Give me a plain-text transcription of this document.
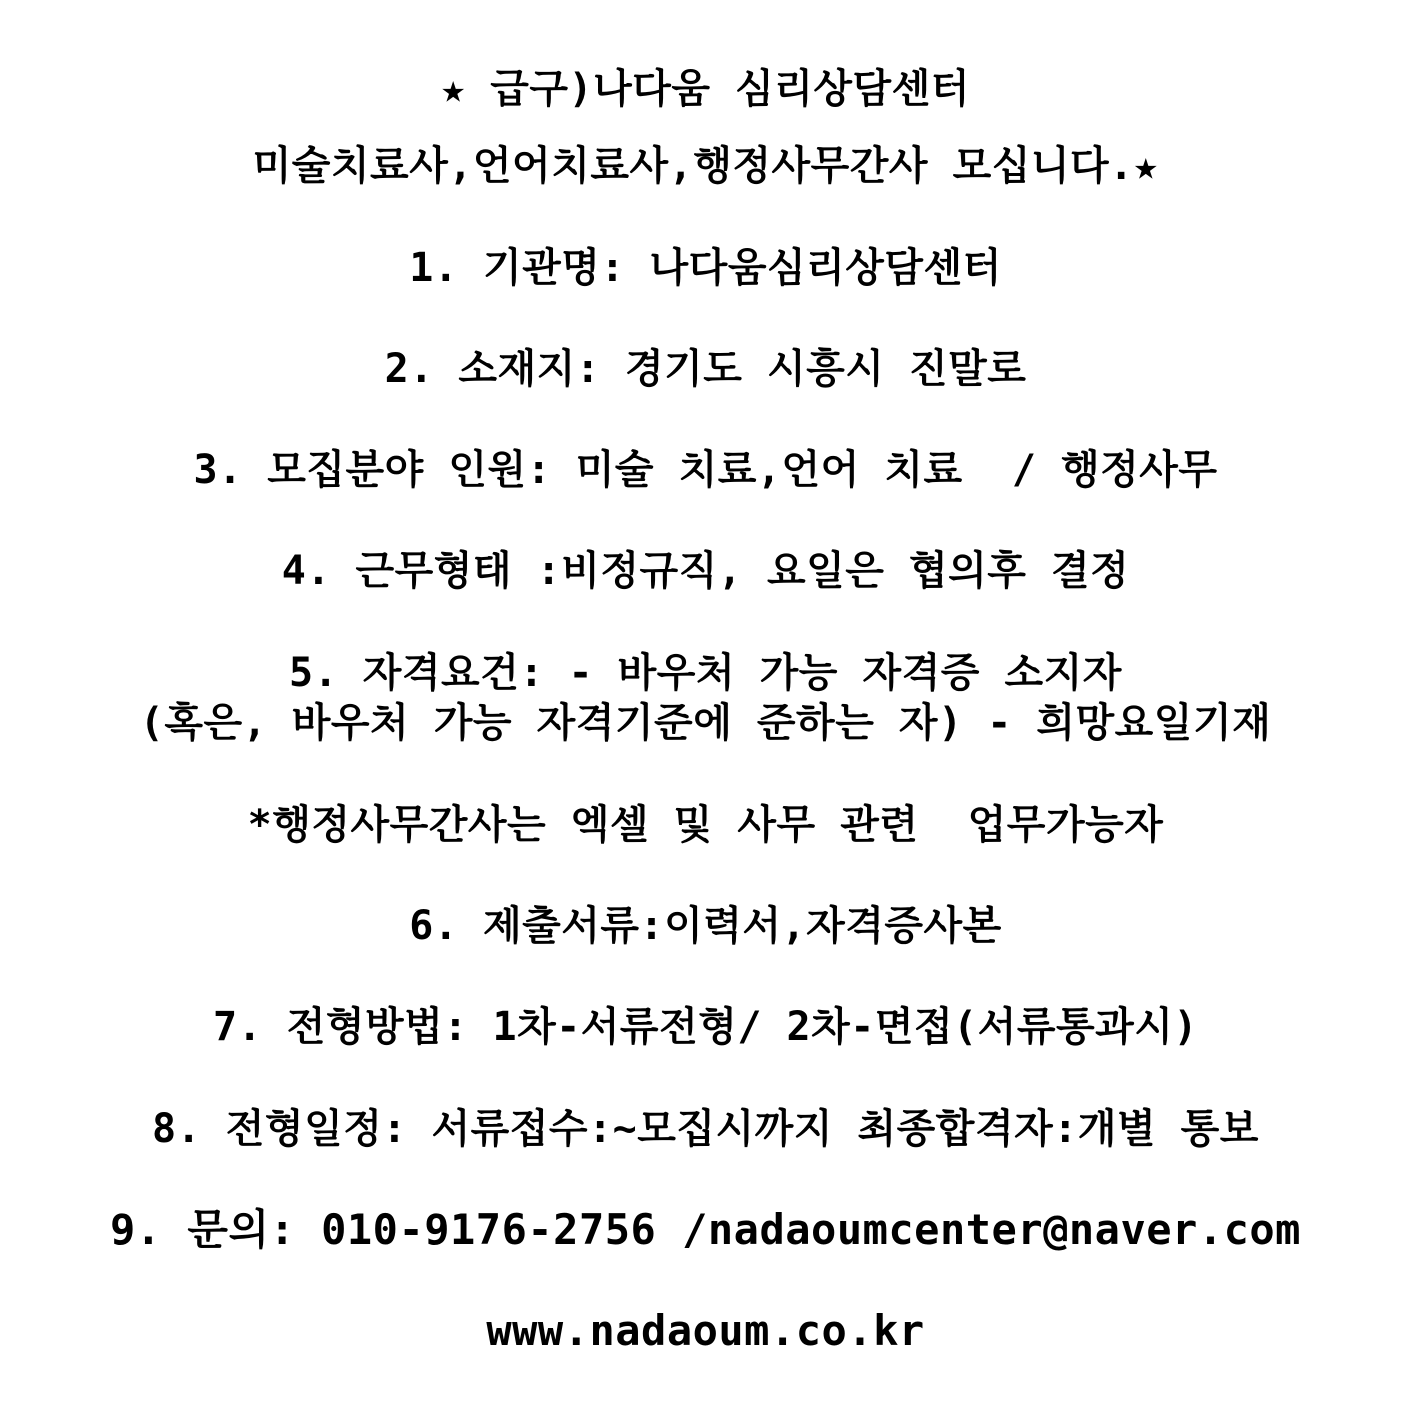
★ 급구)나다움 심리상담센터
미술치료사,언어치료사,행정사무간사 모십니다.★
1. 기관명: 나다움심리상담센터
2. 소재지: 경기도 시흥시 진말로
3. 모집분야 인원: 미술 치료,언어 치료  / 행정사무
4. 근무형태 :비정규직, 요일은 협의후 결정
5. 자격요건: - 바우처 가능 자격증 소지자
(혹은, 바우처 가능 자격기준에 준하는 자) - 희망요일기재
*행정사무간사는 엑셀 및 사무 관련  업무가능자
6. 제출서류:이력서,자격증사본
7. 전형방법: 1차-서류전형/ 2차-면접(서류통과시)
8. 전형일정: 서류접수:~모집시까지 최종합격자:개별 통보
9. 문의: 010-9176-2756 /nadaoumcenter@naver.com
www.nadaoum.co.kr
